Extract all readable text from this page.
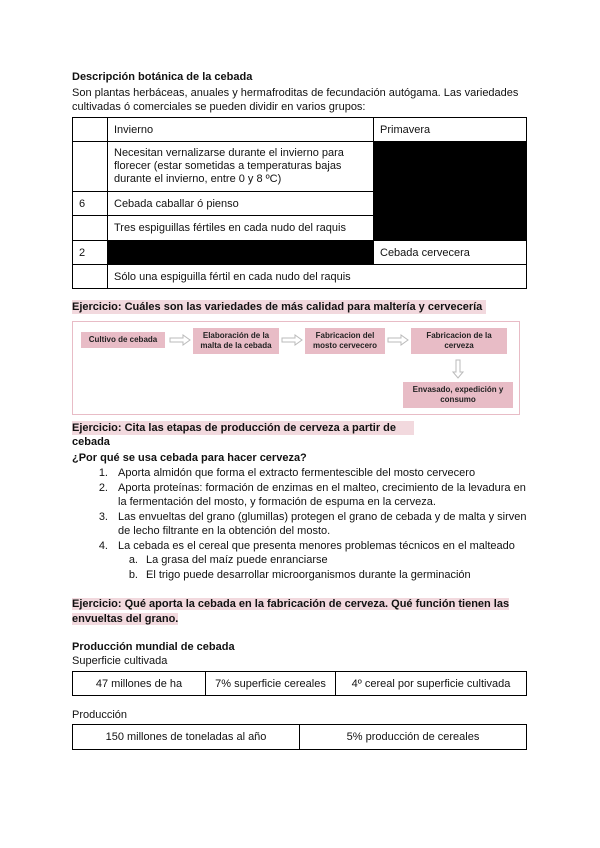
Descripción botánica de la cebada
Son plantas herbáceas, anuales y hermafroditas de fecundación autógama. Las variedades cultivadas ó comerciales se pueden dividir en varios grupos:
	Invierno	Primavera
	Necesitan vernalizarse durante el invierno para florecer (estar sometidas a temperaturas bajas durante el invierno, entre 0 y 8 ºC)	
6	Cebada caballar ó pienso	
	Tres espiguillas fértiles en cada nudo del raquis	
2		Cebada cervecera
	Sólo una espiguilla fértil en cada nudo del raquis	
Ejercicio: Cuáles son las variedades de más calidad para maltería y cervecería
Cultivo de cebada	Elaboración de la malta de la cebada
Fabricacion del mosto cervecero
Fabricacion de la cerveza
Envasado, expedición y consumo
Ejercicio: Cita las etapas de producción de cerveza a partir de cebada
¿Por qué se usa cebada para hacer cerveza?
1. Aporta almidón que forma el extracto fermentescible del mosto cervecero
2. Aporta proteínas: formación de enzimas en el malteo, crecimiento de la levadura en la fermentación del mosto, y formación de espuma en la cerveza.
3. Las envueltas del grano (glumillas) protegen el grano de cebada y de malta y sirven de lecho filtrante en la obtención del mosto.
4. La cebada es el cereal que presenta menores problemas técnicos en el malteado
a. La grasa del maíz puede enranciarse
b. El trigo puede desarrollar microorganismos durante la germinación
Ejercicio: Qué aporta la cebada en la fabricación de cerveza. Qué función tienen las envueltas del grano.
Producción mundial de cebada
Superficie cultivada
47 millones de ha	7% superficie cereales	4º cereal por superficie cultivada
Producción
150 millones de toneladas al año	5% producción de cereales
